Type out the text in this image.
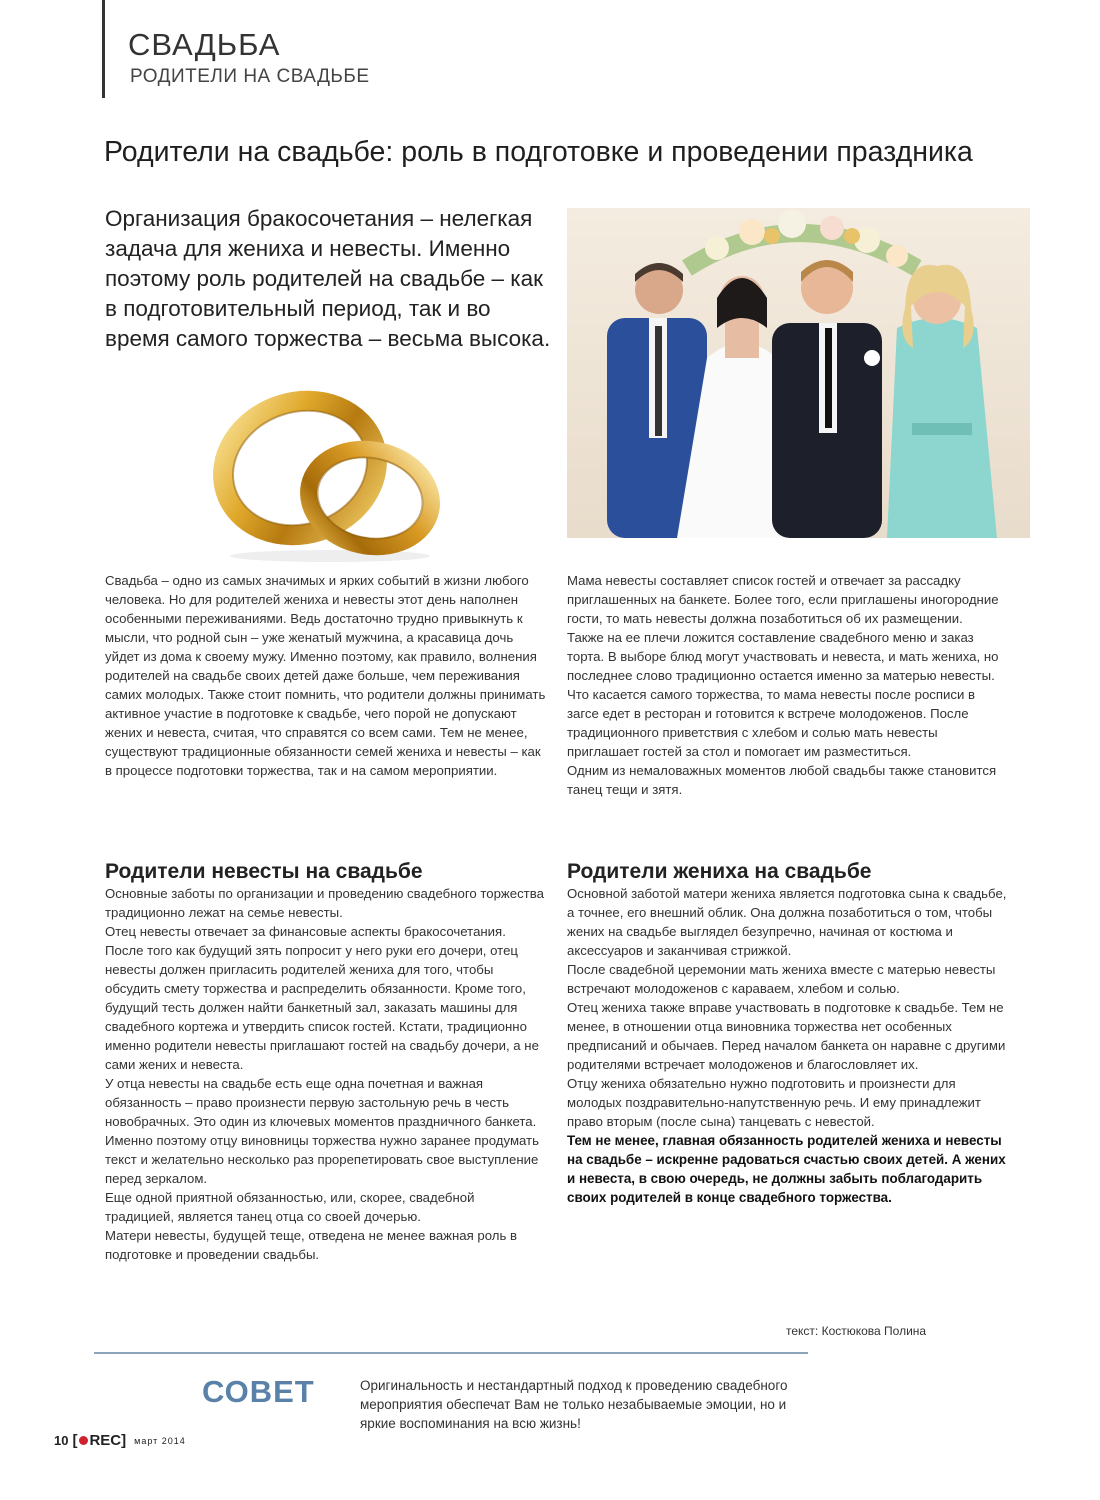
СВАДЬБА
РОДИТЕЛИ НА СВАДЬБЕ
Родители на свадьбе: роль в подготовке и проведении праздника
Организация бракосочетания – нелегкая задача для жениха и невесты. Именно поэтому роль родителей на свадьбе – как в подготовительный период, так и во время самого торжества – весьма высока.

Свадьба – одно из самых значимых и ярких событий в жизни любого человека. Но для родителей жениха и невесты этот день наполнен особенными переживаниями. Ведь достаточно трудно привыкнуть к мысли, что родной сын – уже женатый мужчина, а красавица дочь уйдет из дома к своему мужу. Именно поэтому, как правило, волнения родителей на свадьбе своих детей даже больше, чем переживания самих молодых. Также стоит помнить, что родители должны принимать активное участие в подготовке к свадьбе, чего порой не допускают жених и невеста, считая, что справятся со всем сами. Тем не менее, существуют традиционные обязанности семей жениха и невесты – как в процессе подготовки торжества, так и на самом мероприятии.

Родители невесты на свадьбе

Основные заботы по организации и проведению свадебного торжества традиционно лежат на семье невесты.

Отец невесты отвечает за финансовые аспекты бракосочетания. После того как будущий зять попросит у него руки его дочери, отец невесты должен пригласить родителей жениха для того, чтобы обсудить смету торжества и распределить обязанности. Кроме того, будущий тесть должен найти банкетный зал, заказать машины для свадебного кортежа и утвердить список гостей. Кстати, традиционно именно родители невесты приглашают гостей на свадьбу дочери, а не сами жених и невеста.

У отца невесты на свадьбе есть еще одна почетная и важная обязанность – право произнести первую застольную речь в честь новобрачных. Это один из ключевых моментов праздничного банкета. Именно поэтому отцу виновницы торжества нужно заранее продумать текст и желательно несколько раз прорепетировать свое выступление перед зеркалом.

Еще одной приятной обязанностью, или, скорее, свадебной традицией, является танец отца со своей дочерью.

Матери невесты, будущей теще, отведена не менее важная роль в подготовке и проведении свадьбы.

Мама невесты составляет список гостей и отвечает за рассадку приглашенных на банкете. Более того, если приглашены иногородние гости, то мать невесты должна позаботиться об их размещении.

Также на ее плечи ложится составление свадебного меню и заказ торта. В выборе блюд могут участвовать и невеста, и мать жениха, но последнее слово традиционно остается именно за матерью невесты.

Что касается самого торжества, то мама невесты после росписи в загсе едет в ресторан и готовится к встрече молодоженов. После традиционного приветствия с хлебом и солью мать невесты приглашает гостей за стол и помогает им разместиться.

Одним из немаловажных моментов любой свадьбы также становится танец тещи и зятя.

Родители жениха на свадьбе

Основной заботой матери жениха является подготовка сына к свадьбе, а точнее, его внешний облик. Она должна позаботиться о том, чтобы жених на свадьбе выглядел безупречно, начиная от костюма и аксессуаров и заканчивая стрижкой.

После свадебной церемонии мать жениха вместе с матерью невесты встречают молодоженов с караваем, хлебом и солью.

Отец жениха также вправе участвовать в подготовке к свадьбе. Тем не менее, в отношении отца виновника торжества нет особенных предписаний и обычаев. Перед началом банкета он наравне с другими родителями встречает молодоженов и благословляет их.

Отцу жениха обязательно нужно подготовить и произнести для молодых поздравительно-напутственную речь. И ему принадлежит право вторым (после сына) танцевать с невестой.

Тем не менее, главная обязанность родителей жениха и невесты на свадьбе – искренне радоваться счастью своих детей. А жених и невеста, в свою очередь, не должны забыть поблагодарить своих родителей в конце свадебного торжества.

текст: Костюкова Полина
СОВЕТ	Оригинальность и нестандартный подход к проведению свадебного мероприятия обеспечат Вам не только незабываемые эмоции, но и яркие воспоминания на всю жизнь!
10 [ REC ] март 2014
